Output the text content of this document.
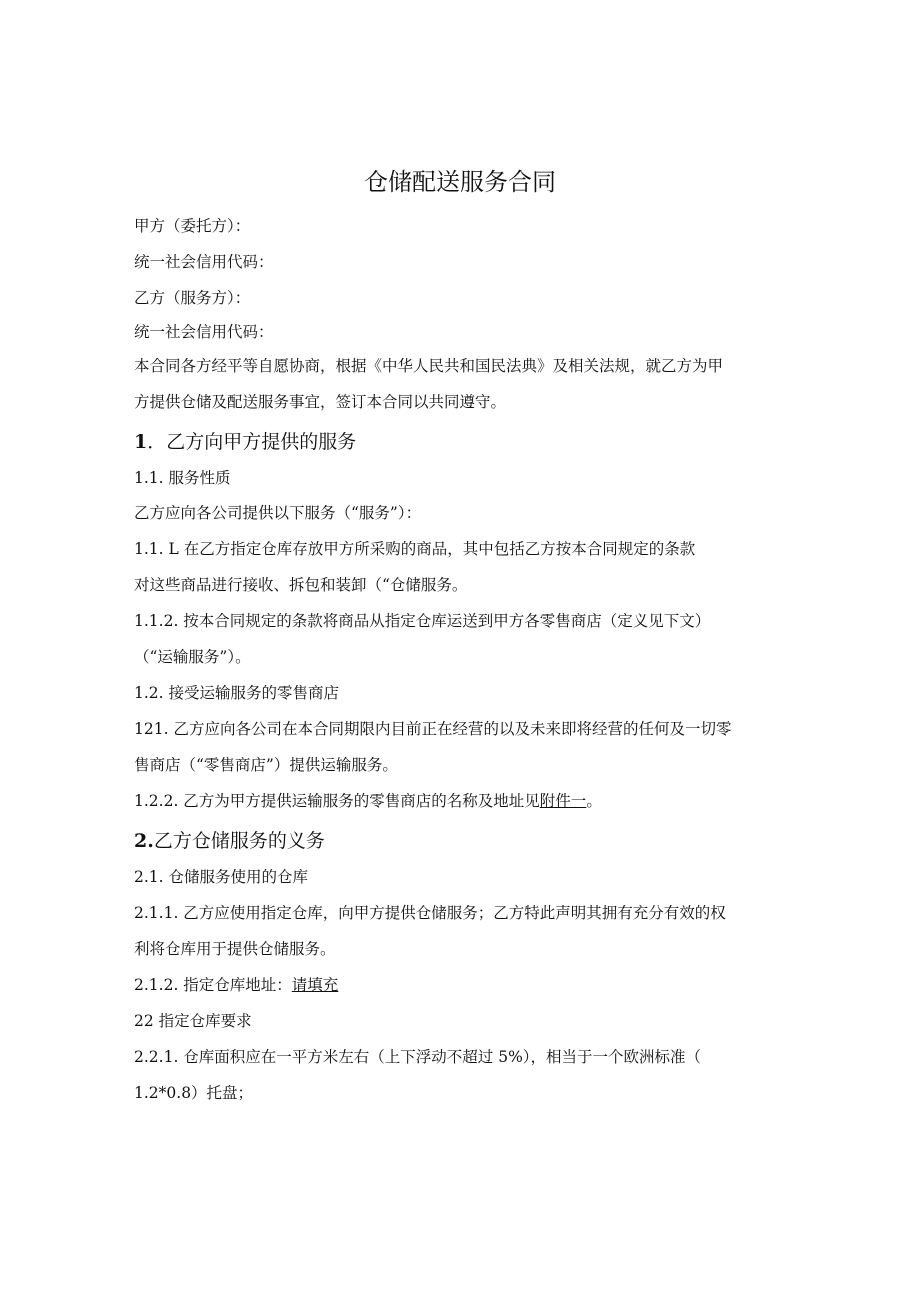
仓储配送服务合同
甲方（委托方）：
统一社会信用代码：
乙方（服务方）：
统一社会信用代码：
本合同各方经平等自愿协商，根据《中华人民共和国民法典》及相关法规，就乙方为甲
方提供仓储及配送服务事宜，签订本合同以共同遵守。
1．乙方向甲方提供的服务
1.1. 服务性质
乙方应向各公司提供以下服务（“服务”）：
1.1. L 在乙方指定仓库存放甲方所采购的商品，其中包括乙方按本合同规定的条款
对这些商品进行接收、拆包和装卸（“仓储服务。
1.1.2. 按本合同规定的条款将商品从指定仓库运送到甲方各零售商店（定义见下文）
（“运输服务”）。
1.2. 接受运输服务的零售商店
121. 乙方应向各公司在本合同期限内目前正在经营的以及未来即将经营的任何及一切零
售商店（“零售商店”）提供运输服务。
1.2.2. 乙方为甲方提供运输服务的零售商店的名称及地址见附件一。
2.乙方仓储服务的义务
2.1. 仓储服务使用的仓库
2.1.1. 乙方应使用指定仓库，向甲方提供仓储服务；乙方特此声明其拥有充分有效的权
利将仓库用于提供仓储服务。
2.1.2. 指定仓库地址：请填充
22 指定仓库要求
2.2.1. 仓库面积应在一平方米左右（上下浮动不超过 5%），相当于一个欧洲标准（
1.2*0.8）托盘；
